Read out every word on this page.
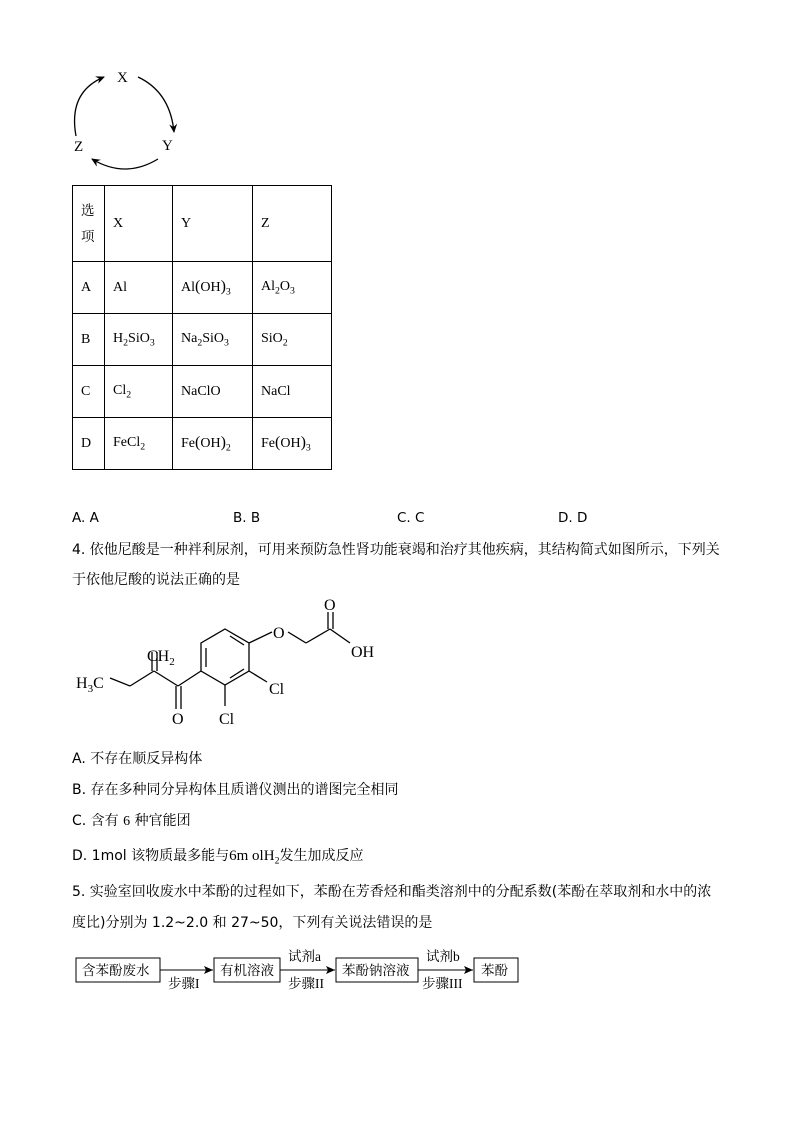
X
Y
Z
选
项	X	Y	Z
A	Al	$Al(OH)_3$	$Al_2O_3$
B	$H_2SiO_3$	$Na_2SiO_3$	SiO$_2$
C	$Cl_2$	NaClO	NaCl
D	FeCl$_2$	$Fe(OH)_2$	$Fe(OH)_3$
A. A	B. B	C. C	D. D
4. 依他尼酸是一种袢利尿剂，可用来预防急性肾功能衰竭和治疗其他疾病，其结构简式如图所示，下列关
于依他尼酸的说法正确的是
$CH_2$
$H_3C$
O Cl
Cl
O
O
OH
A. 不存在顺反异构体
B. 存在多种同分异构体且质谱仪测出的谱图完全相同
C. 含有 6 种官能团
D. 1mol 该物质最多能与6m olH$_2$发生加成反应
5. 实验室回收废水中苯酚的过程如下，苯酚在芳香烃和酯类溶剂中的分配系数(苯酚在萃取剂和水中的浓
度比)分别为 1.2~2.0 和 27~50，下列有关说法错误的是
含苯酚废水	有机溶液	苯酚钠溶液	苯酚
步骤I
试剂a
步骤II
试剂b
步骤III
